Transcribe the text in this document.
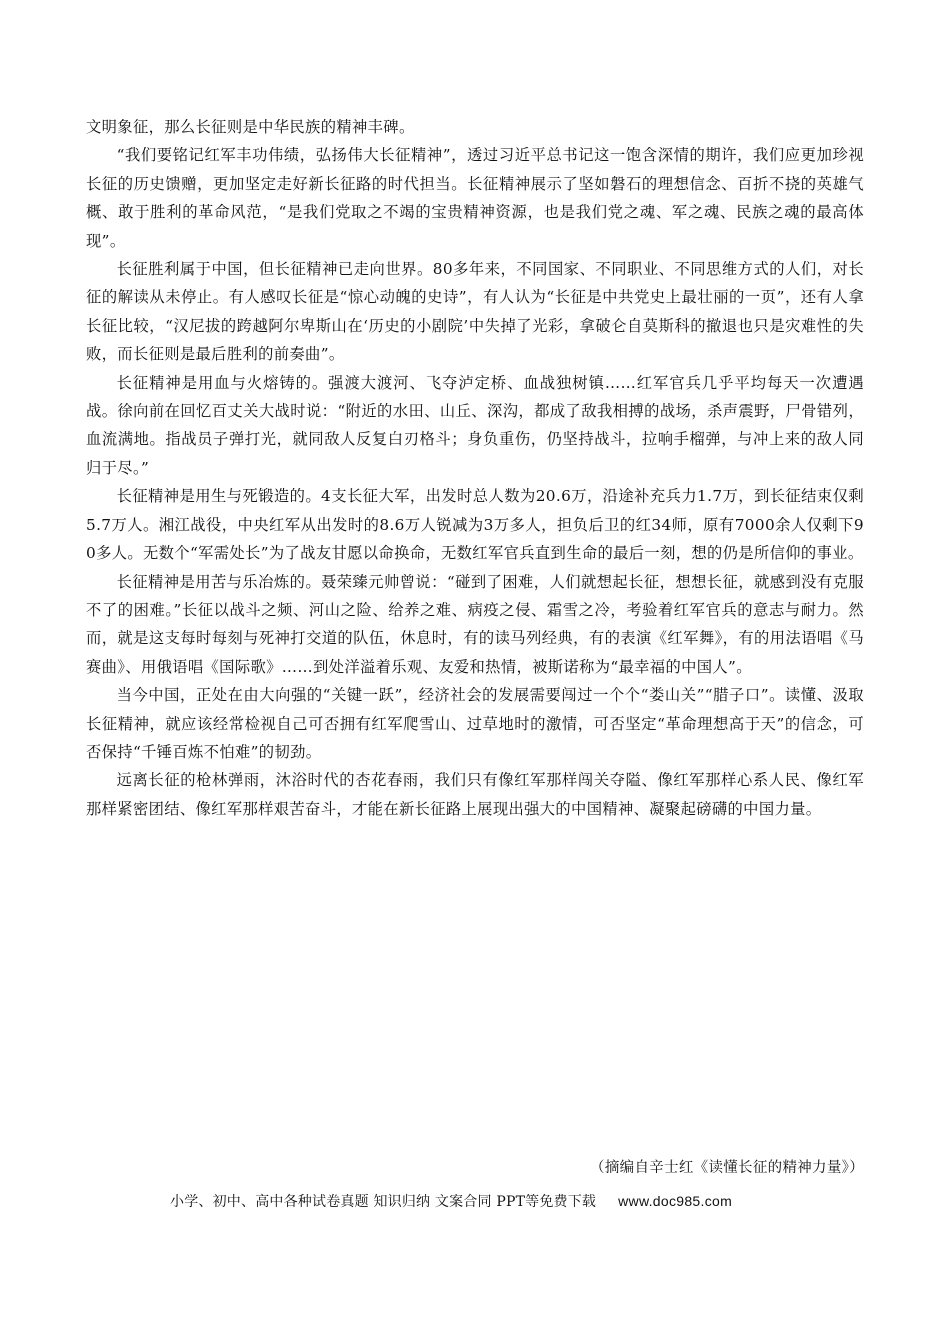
文明象征，那么长征则是中华民族的精神丰碑。

“我们要铭记红军丰功伟绩，弘扬伟大长征精神”，透过习近平总书记这一饱含深情的期许，我们应更加珍视长征的历史馈赠，更加坚定走好新长征路的时代担当。长征精神展示了坚如磐石的理想信念、百折不挠的英雄气概、敢于胜利的革命风范，“是我们党取之不竭的宝贵精神资源，也是我们党之魂、军之魂、民族之魂的最高体现”。

长征胜利属于中国，但长征精神已走向世界。80多年来，不同国家、不同职业、不同思维方式的人们，对长征的解读从未停止。有人感叹长征是“惊心动魄的史诗”，有人认为“长征是中共党史上最壮丽的一页”，还有人拿长征比较，“汉尼拔的跨越阿尔卑斯山在‘历史的小剧院’中失掉了光彩，拿破仑自莫斯科的撤退也只是灾难性的失败，而长征则是最后胜利的前奏曲”。

长征精神是用血与火熔铸的。强渡大渡河、飞夺泸定桥、血战独树镇……红军官兵几乎平均每天一次遭遇战。徐向前在回忆百丈关大战时说：“附近的水田、山丘、深沟，都成了敌我相搏的战场，杀声震野，尸骨错列，血流满地。指战员子弹打光，就同敌人反复白刃格斗；身负重伤，仍坚持战斗，拉响手榴弹，与冲上来的敌人同归于尽。”

长征精神是用生与死锻造的。4支长征大军，出发时总人数为20.6万，沿途补充兵力1.7万，到长征结束仅剩5.7万人。湘江战役，中央红军从出发时的8.6万人锐减为3万多人，担负后卫的红34师，原有7000余人仅剩下90多人。无数个“军需处长”为了战友甘愿以命换命，无数红军官兵直到生命的最后一刻，想的仍是所信仰的事业。

长征精神是用苦与乐冶炼的。聂荣臻元帅曾说：“碰到了困难，人们就想起长征，想想长征，就感到没有克服不了的困难。”长征以战斗之频、河山之险、给养之难、病疫之侵、霜雪之冷，考验着红军官兵的意志与耐力。然而，就是这支每时每刻与死神打交道的队伍，休息时，有的读马列经典，有的表演《红军舞》，有的用法语唱《马赛曲》、用俄语唱《国际歌》……到处洋溢着乐观、友爱和热情，被斯诺称为“最幸福的中国人”。

当今中国，正处在由大向强的“关键一跃”，经济社会的发展需要闯过一个个“娄山关”“腊子口”。读懂、汲取长征精神，就应该经常检视自己可否拥有红军爬雪山、过草地时的激情，可否坚定“革命理想高于天”的信念，可否保持“千锤百炼不怕难”的韧劲。

远离长征的枪林弹雨，沐浴时代的杏花春雨，我们只有像红军那样闯关夺隘、像红军那样心系人民、像红军那样紧密团结、像红军那样艰苦奋斗，才能在新长征路上展现出强大的中国精神、凝聚起磅礴的中国力量。

（摘编自辛士红《读懂长征的精神力量》）
小学、初中、高中各种试卷真题 知识归纳 文案合同 PPT等免费下载 www.doc985.com
